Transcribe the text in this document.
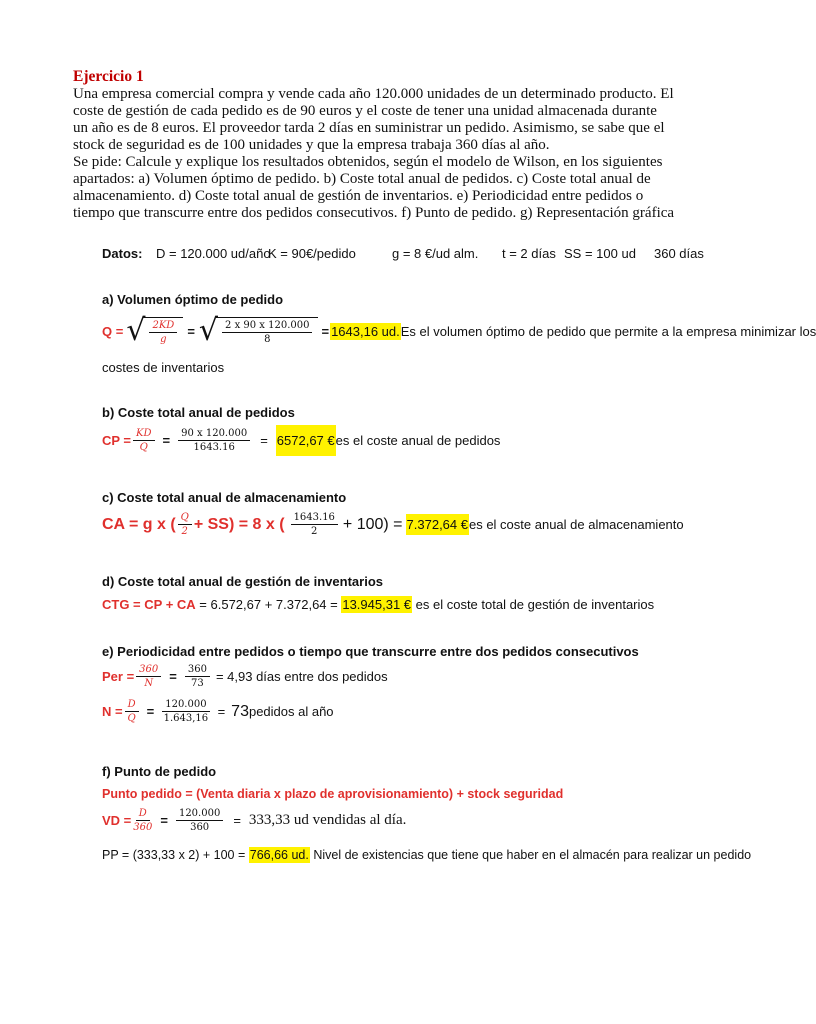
Ejercicio 1
Una empresa comercial compra y vende cada año 120.000 unidades de un determinado producto. El
coste de gestión de cada pedido es de 90 euros y el coste de tener una unidad almacenada durante
un año es de 8 euros. El proveedor tarda 2 días en suministrar un pedido. Asimismo, se sabe que el
stock de seguridad es de 100 unidades y que la empresa trabaja 360 días al año.
Se pide: Calcule y explique los resultados obtenidos, según el modelo de Wilson, en los siguientes
apartados: a) Volumen óptimo de pedido. b) Coste total anual de pedidos. c) Coste total anual de
almacenamiento. d) Coste total anual de gestión de inventarios. e) Periodicidad entre pedidos o
tiempo que transcurre entre dos pedidos consecutivos. f) Punto de pedido. g) Representación gráfica
Datos: D = 120.000 ud/año
K = 90€/pedido	g = 8 €/ud alm. t = 2 días SS = 100 ud 360 días
a) Volumen óptimo de pedido
Q = √ $\frac{2KD}{g}$ = √ $\frac{2 x 90 x 120.000}{8} = 1643,16$ ud. Es el volumen óptimo de pedido que permite a la empresa minimizar los
costes de inventarios
b) Coste total anual de pedidos
CP = $\frac{KD}{Q} = \frac{90 x 120.000}{1643.16} = 6572,67$ € es el coste anual de pedidos
c) Coste total anual de almacenamiento
CA = g x ( $\frac{Q}{2} + SS) = 8$ x ( $\frac{1643.16}{2} + 100) = 7.372,64$ € es el coste anual de almacenamiento
d) Coste total anual de gestión de inventarios
CTG = CP + CA = 6.572,67 + 7.372,64 = 13.945,31 € es el coste total de gestión de inventarios
e) Periodicidad entre pedidos o tiempo que transcurre entre dos pedidos consecutivos
Per = $\frac{360}{N} = \frac{360}{73} = 4,93$ días entre dos pedidos
$N = \frac{D}{Q} = \frac{120.000}{1.643,16} = 73$ pedidos al año
f) Punto de pedido
Punto pedido = (Venta diaria x plazo de aprovisionamiento) + stock seguridad
VD = $\frac{D}{360} = \frac{120.000}{360} = 333,33$ ud vendidas al día.
PP = (333,33 x 2) + 100 = 766,66 ud. Nivel de existencias que tiene que haber en el almacén para realizar un pedido
